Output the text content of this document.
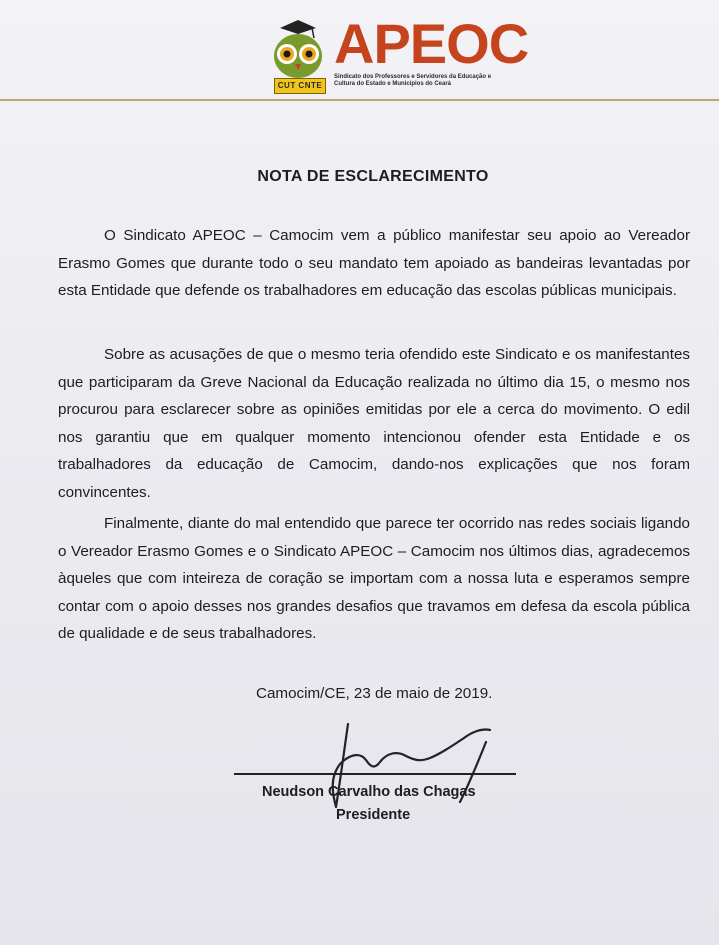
CUT CNTE
APEOC
Sindicato dos Professores e Servidores da Educação e Cultura do Estado e Municípios do Ceará
NOTA DE ESCLARECIMENTO

O Sindicato APEOC – Camocim vem a público manifestar seu apoio ao Vereador Erasmo Gomes que durante todo o seu mandato tem apoiado as bandeiras levantadas por esta Entidade que defende os trabalhadores em educação das escolas públicas municipais.

Sobre as acusações de que o mesmo teria ofendido este Sindicato e os manifestantes que participaram da Greve Nacional da Educação realizada no último dia 15, o mesmo nos procurou para esclarecer sobre as opiniões emitidas por ele a cerca do movimento. O edil nos garantiu que em qualquer momento intencionou ofender esta Entidade e os trabalhadores da educação de Camocim, dando-nos explicações que nos foram convincentes.

Finalmente, diante do mal entendido que parece ter ocorrido nas redes sociais ligando o Vereador Erasmo Gomes e o Sindicato APEOC – Camocim nos últimos dias, agradecemos àqueles que com inteireza de coração se importam com a nossa luta e esperamos sempre contar com o apoio desses nos grandes desafios que travamos em defesa da escola pública de qualidade e de seus trabalhadores.

Camocim/CE, 23 de maio de 2019.
Neudson Carvalho das Chagas
Presidente
